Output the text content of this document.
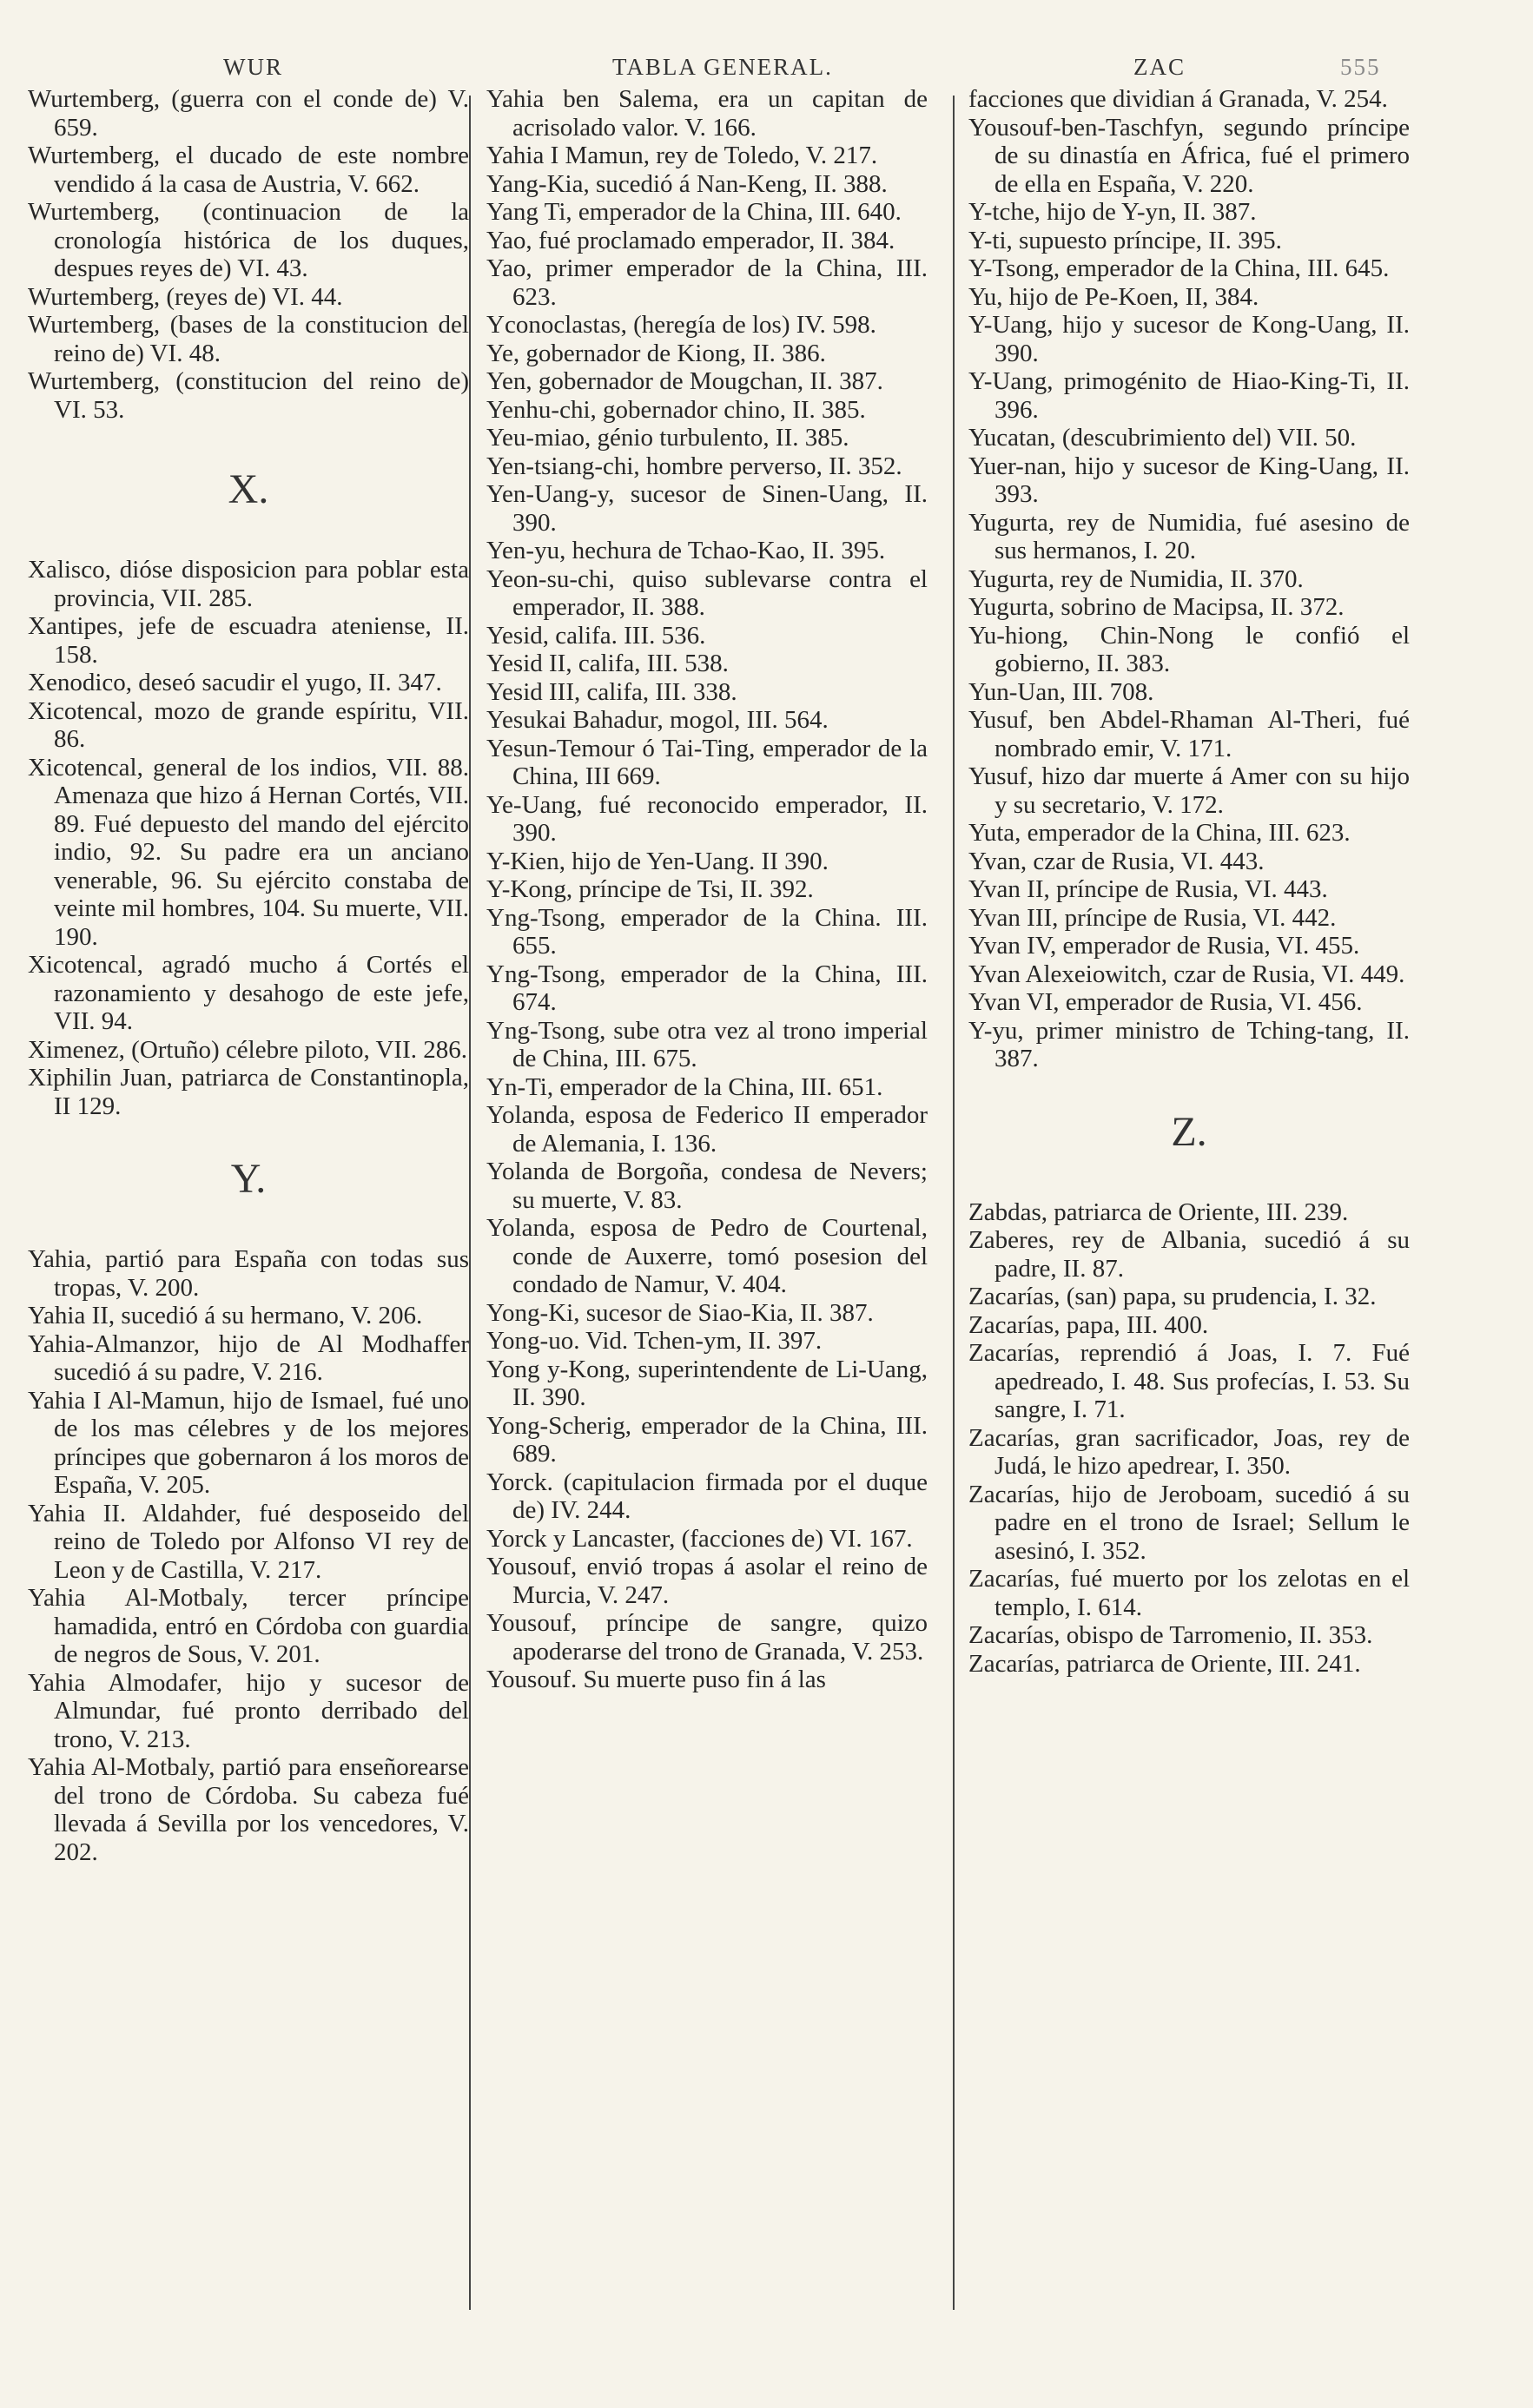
WUR	TABLA GENERAL.	ZAC	555

Wurtemberg, (guerra con el conde de) V. 659.

Wurtemberg, el ducado de este nombre vendido á la casa de Austria, V. 662.

Wurtemberg, (continuacion de la cronología histórica de los duques, despues reyes de) VI. 43.

Wurtemberg, (reyes de) VI. 44.

Wurtemberg, (bases de la constitucion del reino de) VI. 48.

Wurtemberg, (constitucion del reino de) VI. 53.

X.

Xalisco, dióse disposicion para poblar esta provincia, VII. 285.

Xantipes, jefe de escuadra ateniense, II. 158.

Xenodico, deseó sacudir el yugo, II. 347.

Xicotencal, mozo de grande espíritu, VII. 86.

Xicotencal, general de los indios, VII. 88. Amenaza que hizo á Hernan Cortés, VII. 89. Fué depuesto del mando del ejército indio, 92. Su padre era un anciano venerable, 96. Su ejército constaba de veinte mil hombres, 104. Su muerte, VII. 190.

Xicotencal, agradó mucho á Cortés el razonamiento y desahogo de este jefe, VII. 94.

Ximenez, (Ortuño) célebre piloto, VII. 286.

Xiphilin Juan, patriarca de Constantinopla, II 129.

Y.

Yahia, partió para España con todas sus tropas, V. 200.

Yahia II, sucedió á su hermano, V. 206.

Yahia-Almanzor, hijo de Al Modhaffer sucedió á su padre, V. 216.

Yahia I Al-Mamun, hijo de Ismael, fué uno de los mas célebres y de los mejores príncipes que gobernaron á los moros de España, V. 205.

Yahia II. Aldahder, fué desposeido del reino de Toledo por Alfonso VI rey de Leon y de Castilla, V. 217.

Yahia Al-Motbaly, tercer príncipe hamadida, entró en Córdoba con guardia de negros de Sous, V. 201.

Yahia Almodafer, hijo y sucesor de Almundar, fué pronto derribado del trono, V. 213.

Yahia Al-Motbaly, partió para enseñorearse del trono de Córdoba. Su cabeza fué llevada á Sevilla por los vencedores, V. 202.

Yahia ben Salema, era un capitan de acrisolado valor. V. 166.

Yahia I Mamun, rey de Toledo, V. 217.

Yang-Kia, sucedió á Nan-Keng, II. 388.

Yang Ti, emperador de la China, III. 640.

Yao, fué proclamado emperador, II. 384.

Yao, primer emperador de la China, III. 623.

Yconoclastas, (heregía de los) IV. 598.

Ye, gobernador de Kiong, II. 386.

Yen, gobernador de Mougchan, II. 387.

Yenhu-chi, gobernador chino, II. 385.

Yeu-miao, génio turbulento, II. 385.

Yen-tsiang-chi, hombre perverso, II. 352.

Yen-Uang-y, sucesor de Sinen-Uang, II. 390.

Yen-yu, hechura de Tchao-Kao, II. 395.

Yeon-su-chi, quiso sublevarse contra el emperador, II. 388.

Yesid, califa. III. 536.

Yesid II, califa, III. 538.

Yesid III, califa, III. 338.

Yesukai Bahadur, mogol, III. 564.

Yesun-Temour ó Tai-Ting, emperador de la China, III 669.

Ye-Uang, fué reconocido emperador, II. 390.

Y-Kien, hijo de Yen-Uang. II 390.

Y-Kong, príncipe de Tsi, II. 392.

Yng-Tsong, emperador de la China. III. 655.

Yng-Tsong, emperador de la China, III. 674.

Yng-Tsong, sube otra vez al trono imperial de China, III. 675.

Yn-Ti, emperador de la China, III. 651.

Yolanda, esposa de Federico II emperador de Alemania, I. 136.

Yolanda de Borgoña, condesa de Nevers; su muerte, V. 83.

Yolanda, esposa de Pedro de Courtenal, conde de Auxerre, tomó posesion del condado de Namur, V. 404.

Yong-Ki, sucesor de Siao-Kia, II. 387.

Yong-uo. Vid. Tchen-ym, II. 397.

Yong y-Kong, superintendente de Li-Uang, II. 390.

Yong-Scherig, emperador de la China, III. 689.

Yorck. (capitulacion firmada por el duque de) IV. 244.

Yorck y Lancaster, (facciones de) VI. 167.

Yousouf, envió tropas á asolar el reino de Murcia, V. 247.

Yousouf, príncipe de sangre, quizo apoderarse del trono de Granada, V. 253.

Yousouf. Su muerte puso fin á las

facciones que dividian á Granada, V. 254.

Yousouf-ben-Taschfyn, segundo príncipe de su dinastía en África, fué el primero de ella en España, V. 220.

Y-tche, hijo de Y-yn, II. 387.

Y-ti, supuesto príncipe, II. 395.

Y-Tsong, emperador de la China, III. 645.

Yu, hijo de Pe-Koen, II, 384.

Y-Uang, hijo y sucesor de Kong-Uang, II. 390.

Y-Uang, primogénito de Hiao-King-Ti, II. 396.

Yucatan, (descubrimiento del) VII. 50.

Yuer-nan, hijo y sucesor de King-Uang, II. 393.

Yugurta, rey de Numidia, fué asesino de sus hermanos, I. 20.

Yugurta, rey de Numidia, II. 370.

Yugurta, sobrino de Macipsa, II. 372.

Yu-hiong, Chin-Nong le confió el gobierno, II. 383.

Yun-Uan, III. 708.

Yusuf, ben Abdel-Rhaman Al-Theri, fué nombrado emir, V. 171.

Yusuf, hizo dar muerte á Amer con su hijo y su secretario, V. 172.

Yuta, emperador de la China, III. 623.

Yvan, czar de Rusia, VI. 443.

Yvan II, príncipe de Rusia, VI. 443.

Yvan III, príncipe de Rusia, VI. 442.

Yvan IV, emperador de Rusia, VI. 455.

Yvan Alexeiowitch, czar de Rusia, VI. 449.

Yvan VI, emperador de Rusia, VI. 456.

Y-yu, primer ministro de Tching-tang, II. 387.

Z.

Zabdas, patriarca de Oriente, III. 239.

Zaberes, rey de Albania, sucedió á su padre, II. 87.

Zacarías, (san) papa, su prudencia, I. 32.

Zacarías, papa, III. 400.

Zacarías, reprendió á Joas, I. 7. Fué apedreado, I. 48. Sus profecías, I. 53. Su sangre, I. 71.

Zacarías, gran sacrificador, Joas, rey de Judá, le hizo apedrear, I. 350.

Zacarías, hijo de Jeroboam, sucedió á su padre en el trono de Israel; Sellum le asesinó, I. 352.

Zacarías, fué muerto por los zelotas en el templo, I. 614.

Zacarías, obispo de Tarromenio, II. 353.

Zacarías, patriarca de Oriente, III. 241.
